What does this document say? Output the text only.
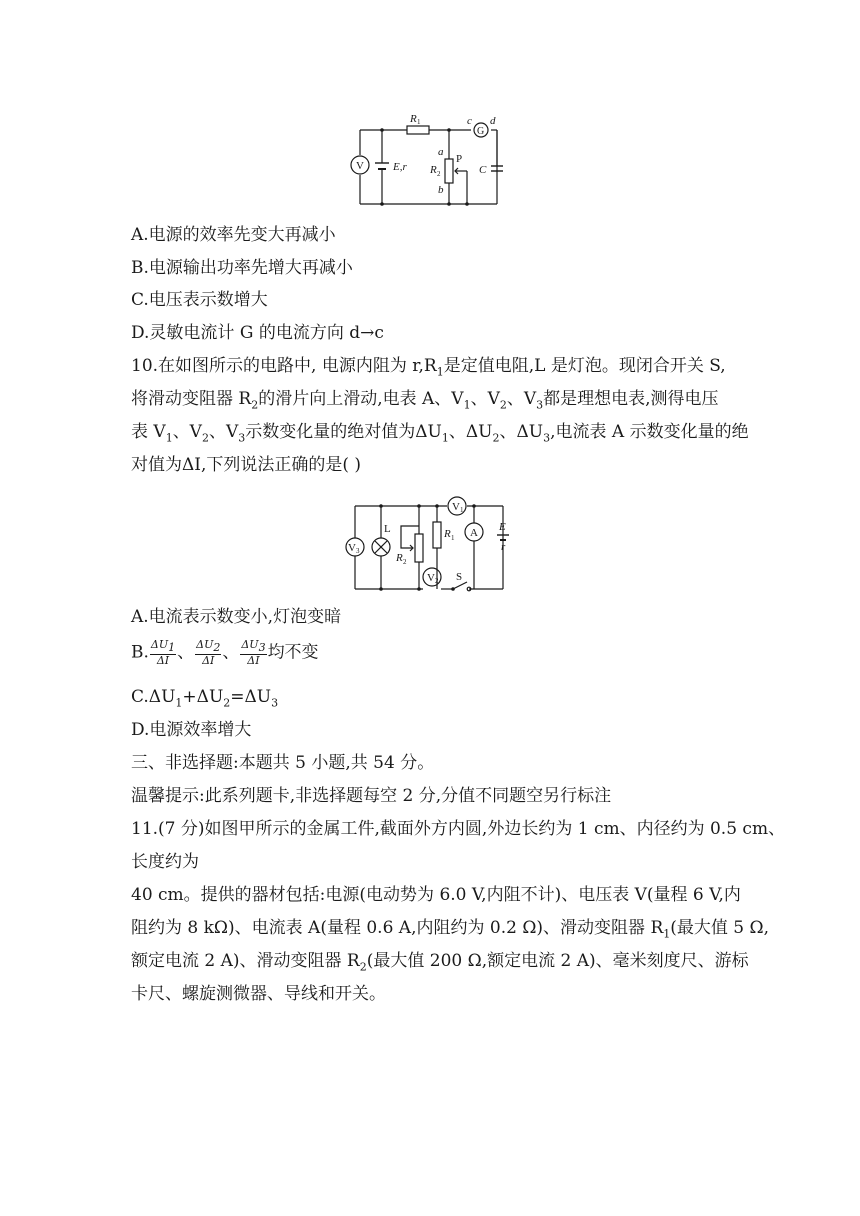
R 1	c
G
d
V	E,r
a
P
R 2
b
C
A.电源的效率先变大再减小
B.电源输出功率先增大再减小
C.电压表示数增大
D.灵敏电流计 G 的电流方向 d→c
10.在如图所示的电路中, 电源内阻为 $r,R_1$是定值电阻,L 是灯泡。现闭合开关 S,
将滑动变阻器 $R_2$的滑片向上滑动,电表 A、$V_1$、$V_2$、$V_3$都是理想电表,测得电压
表 $V_1$、$V_2$、$V_3$示数变化量的绝对值为$\Delta U_1$、$\Delta U_2$、$\Delta U_3$,电流表 A 示数变化量的绝
对值为ΔI,下列说法正确的是( )
V 1
L	R 1 A E
r
V 3
R 2
V 2 S
A.电流表示数变小,灯泡变暗
B. $\frac{\Delta U_1}{\Delta I}$ 、 $\frac{\Delta U_2}{\Delta I}$ 、 $\frac{\Delta U_3}{\Delta I}$ 均不变
$C.\Delta U_1+\Delta U_2=\Delta U_3$
D.电源效率增大
三、非选择题:本题共 5 小题,共 54 分。
温馨提示:此系列题卡,非选择题每空 2 分,分值不同题空另行标注
11.(7 分)如图甲所示的金属工件,截面外方内圆,外边长约为 1 cm、内径约为 0.5 cm、
长度约为
40 cm。提供的器材包括:电源(电动势为 6.0 V,内阻不计)、电压表 V(量程 6 V,内
阻约为 8 kΩ)、电流表 A(量程 0.6 A,内阻约为 0.2 Ω)、滑动变阻器 $R_1$(最大值 5 Ω,
额定电流 2 A)、滑动变阻器 $R_2$(最大值 200 Ω,额定电流 2 A)、毫米刻度尺、游标
卡尺、螺旋测微器、导线和开关。
